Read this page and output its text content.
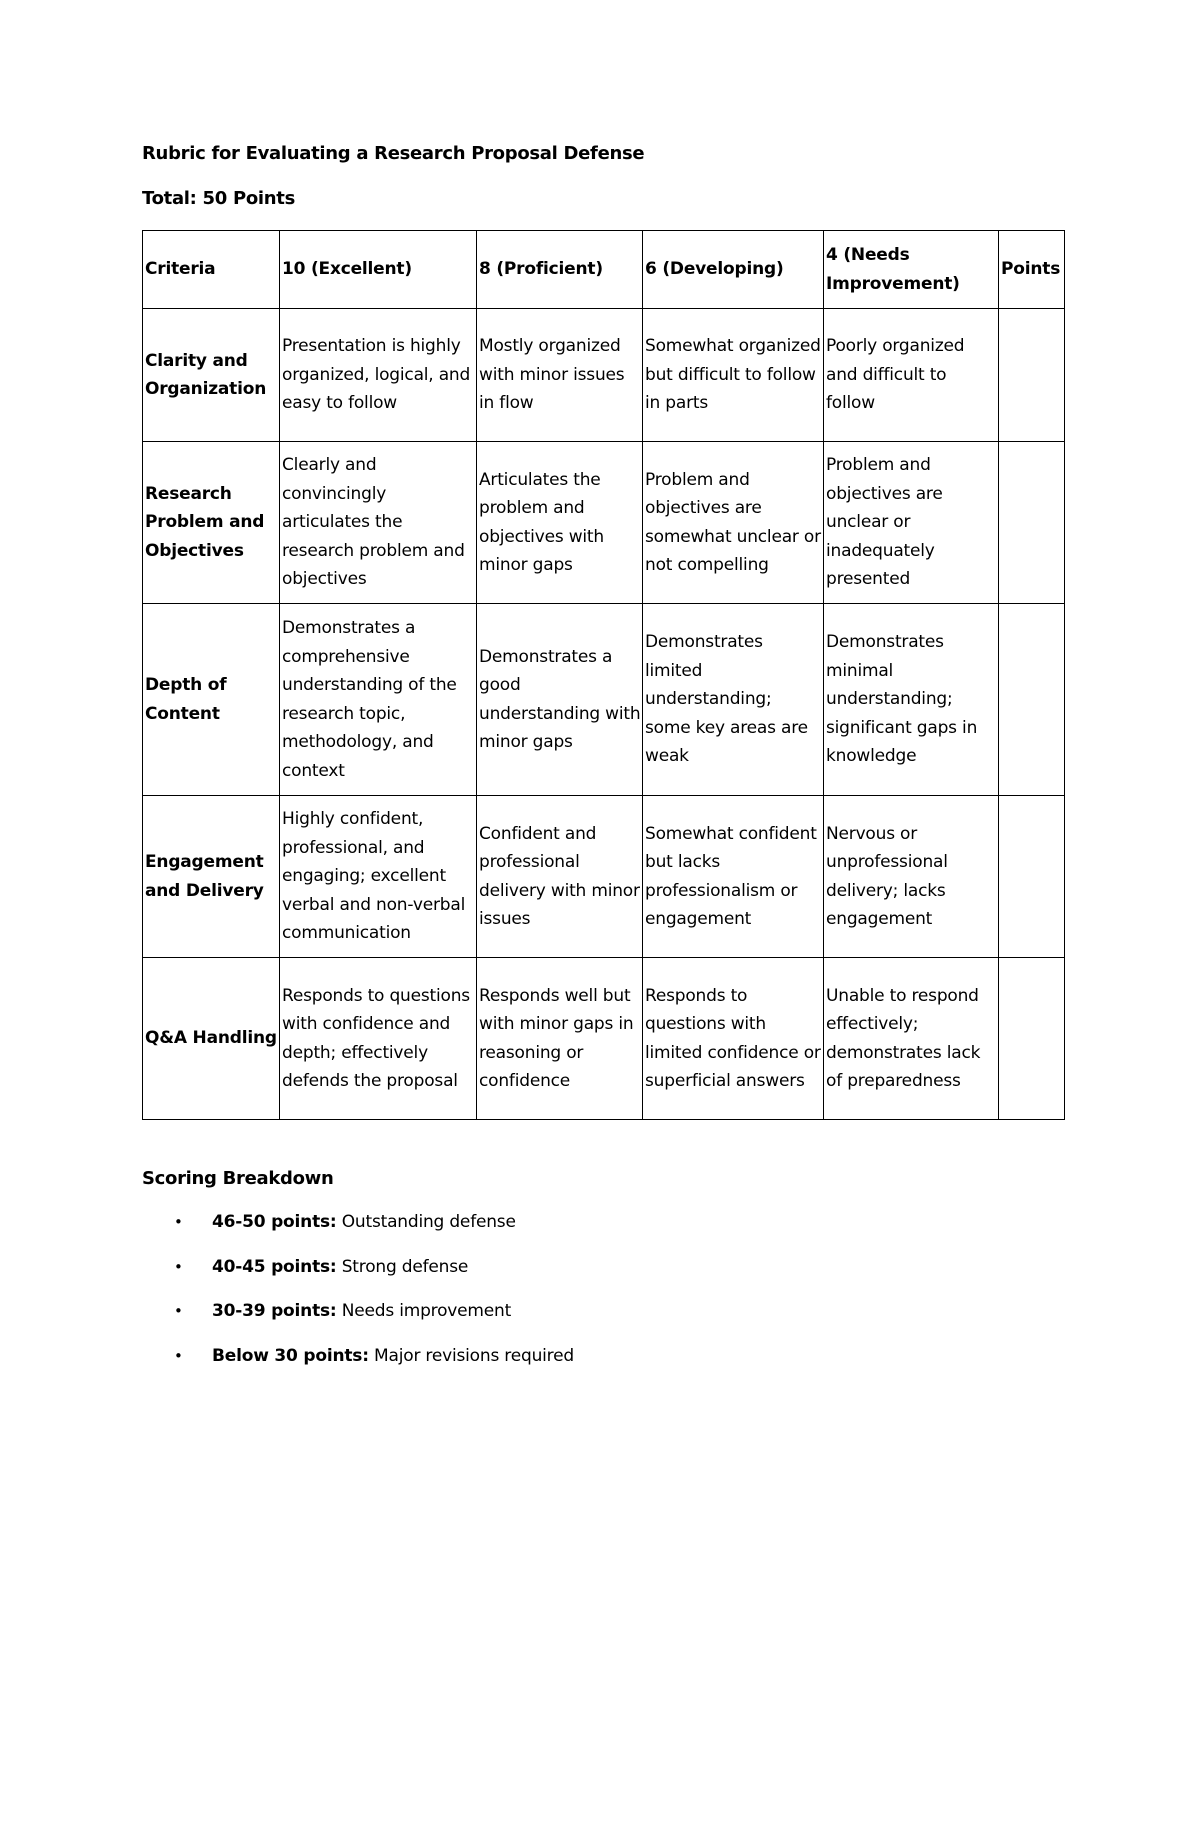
Rubric for Evaluating a Research Proposal Defense
Total: 50 Points
Criteria	10 (Excellent)	8 (Proficient)	6 (Developing)	4 (Needs Improvement)	Points
Clarity and Organization	Presentation is highly organized, logical, and easy to follow	Mostly organized with minor issues in flow	Somewhat organized but difficult to follow in parts	Poorly organized and difficult to follow	
Research Problem and Objectives	Clearly and convincingly articulates the research problem and objectives	Articulates the problem and objectives with minor gaps	Problem and objectives are somewhat unclear or not compelling	Problem and objectives are unclear or inadequately presented	
Depth of Content	Demonstrates a comprehensive understanding of the research topic, methodology, and context	Demonstrates a good understanding with minor gaps	Demonstrates limited understanding; some key areas are weak	Demonstrates minimal understanding; significant gaps in knowledge	
Engagement and Delivery	Highly confident, professional, and engaging; excellent verbal and non-verbal communication	Confident and professional delivery with minor issues	Somewhat confident but lacks professionalism or engagement	Nervous or unprofessional delivery; lacks engagement	
Q&A Handling	Responds to questions with confidence and depth; effectively defends the proposal	Responds well but with minor gaps in reasoning or confidence	Responds to questions with limited confidence or superficial answers	Unable to respond effectively; demonstrates lack of preparedness	
Scoring Breakdown
• 46-50 points: Outstanding defense
• 40-45 points: Strong defense
• 30-39 points: Needs improvement
• Below 30 points: Major revisions required
